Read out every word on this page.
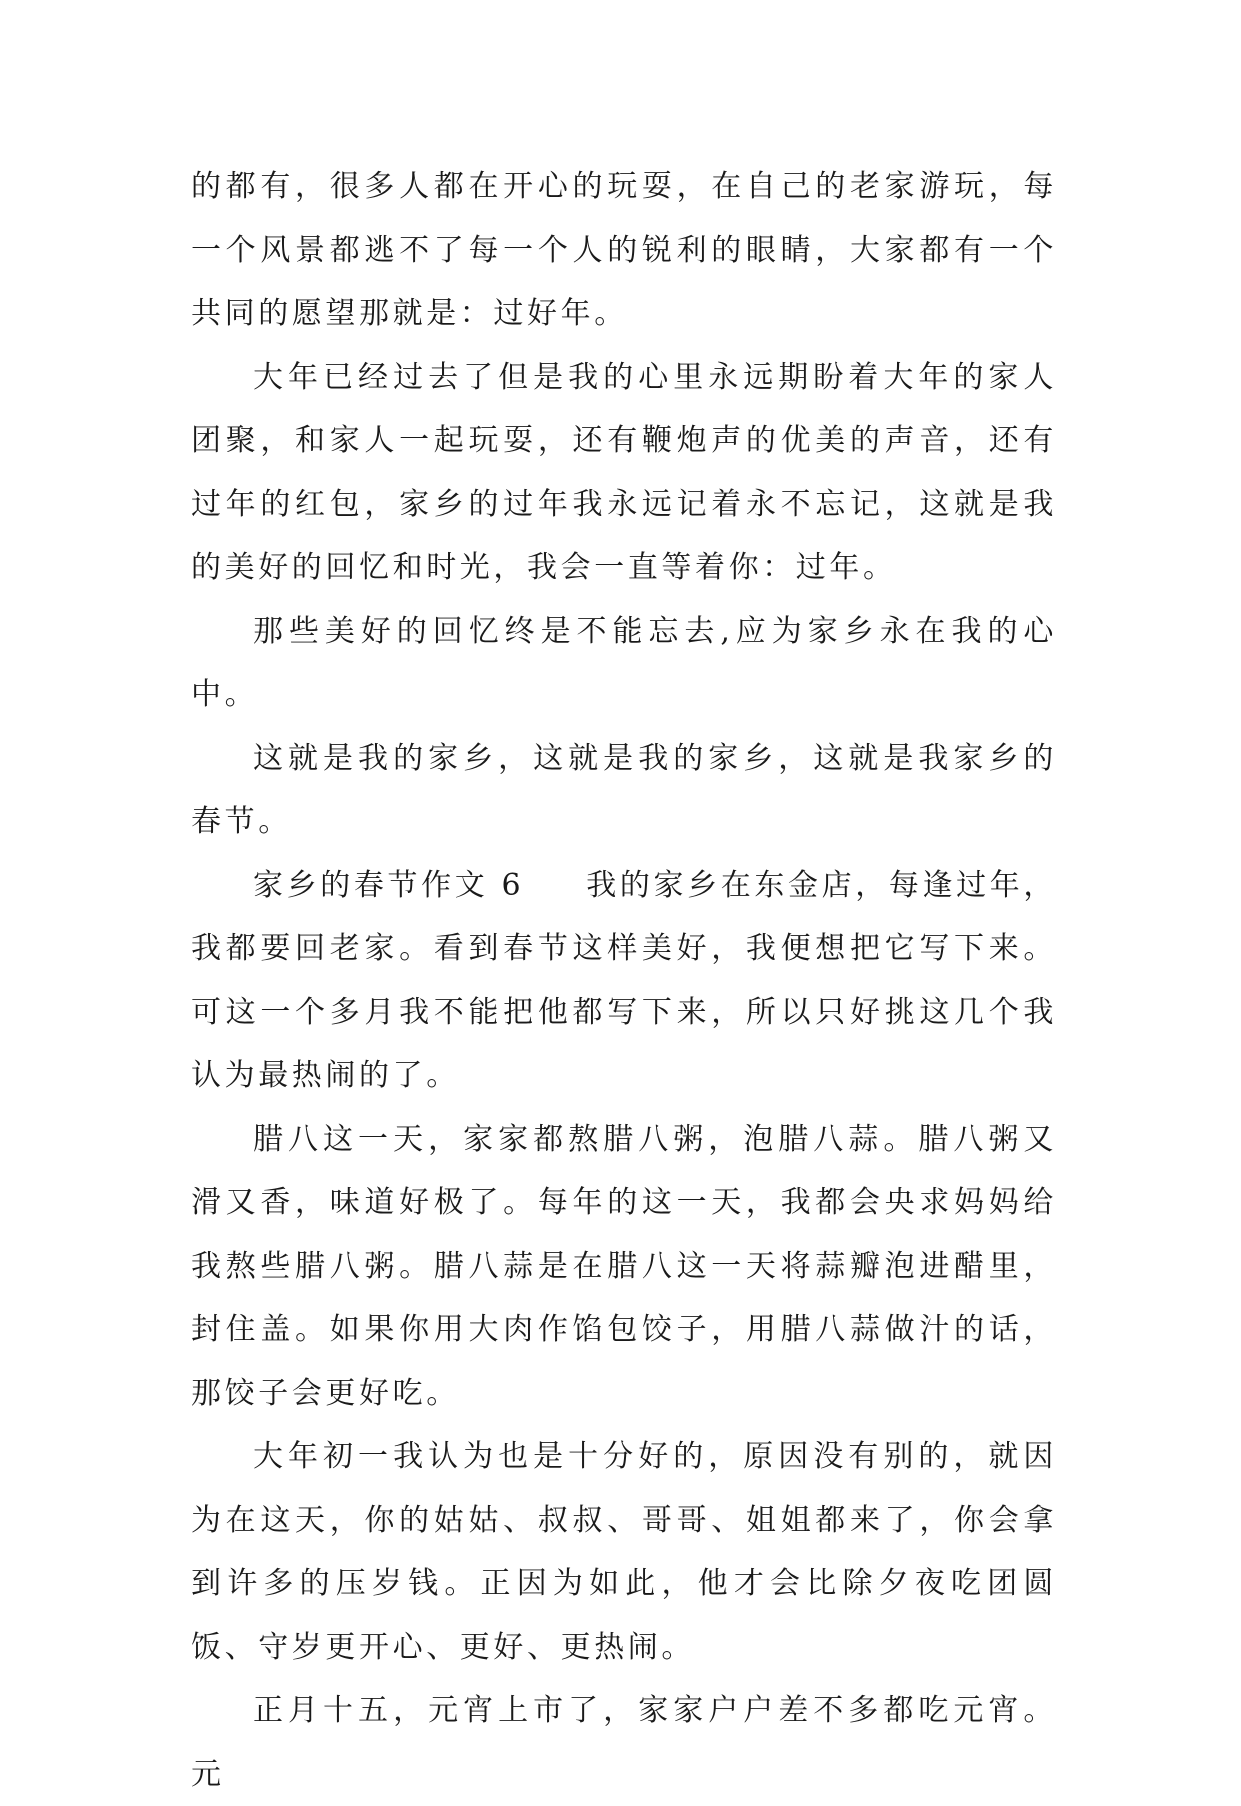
的都有，很多人都在开心的玩耍，在自己的老家游玩，每一个风景都逃不了每一个人的锐利的眼睛，大家都有一个共同的愿望那就是：过好年。

大年已经过去了但是我的心里永远期盼着大年的家人团聚，和家人一起玩耍，还有鞭炮声的优美的声音，还有过年的红包，家乡的过年我永远记着永不忘记，这就是我的美好的回忆和时光，我会一直等着你：过年。

那些美好的回忆终是不能忘去,应为家乡永在我的心中。

这就是我的家乡，这就是我的家乡，这就是我家乡的春节。

家乡的春节作文 6 我的家乡在东金店，每逢过年，我都要回老家。看到春节这样美好，我便想把它写下来。可这一个多月我不能把他都写下来，所以只好挑这几个我认为最热闹的了。

腊八这一天，家家都熬腊八粥，泡腊八蒜。腊八粥又滑又香，味道好极了。每年的这一天，我都会央求妈妈给我熬些腊八粥。腊八蒜是在腊八这一天将蒜瓣泡进醋里，封住盖。如果你用大肉作馅包饺子，用腊八蒜做汁的话，那饺子会更好吃。

大年初一我认为也是十分好的，原因没有别的，就因为在这天，你的姑姑、叔叔、哥哥、姐姐都来了，你会拿到许多的压岁钱。正因为如此，他才会比除夕夜吃团圆饭、守岁更开心、更好、更热闹。

正月十五，元宵上市了，家家户户差不多都吃元宵。元
